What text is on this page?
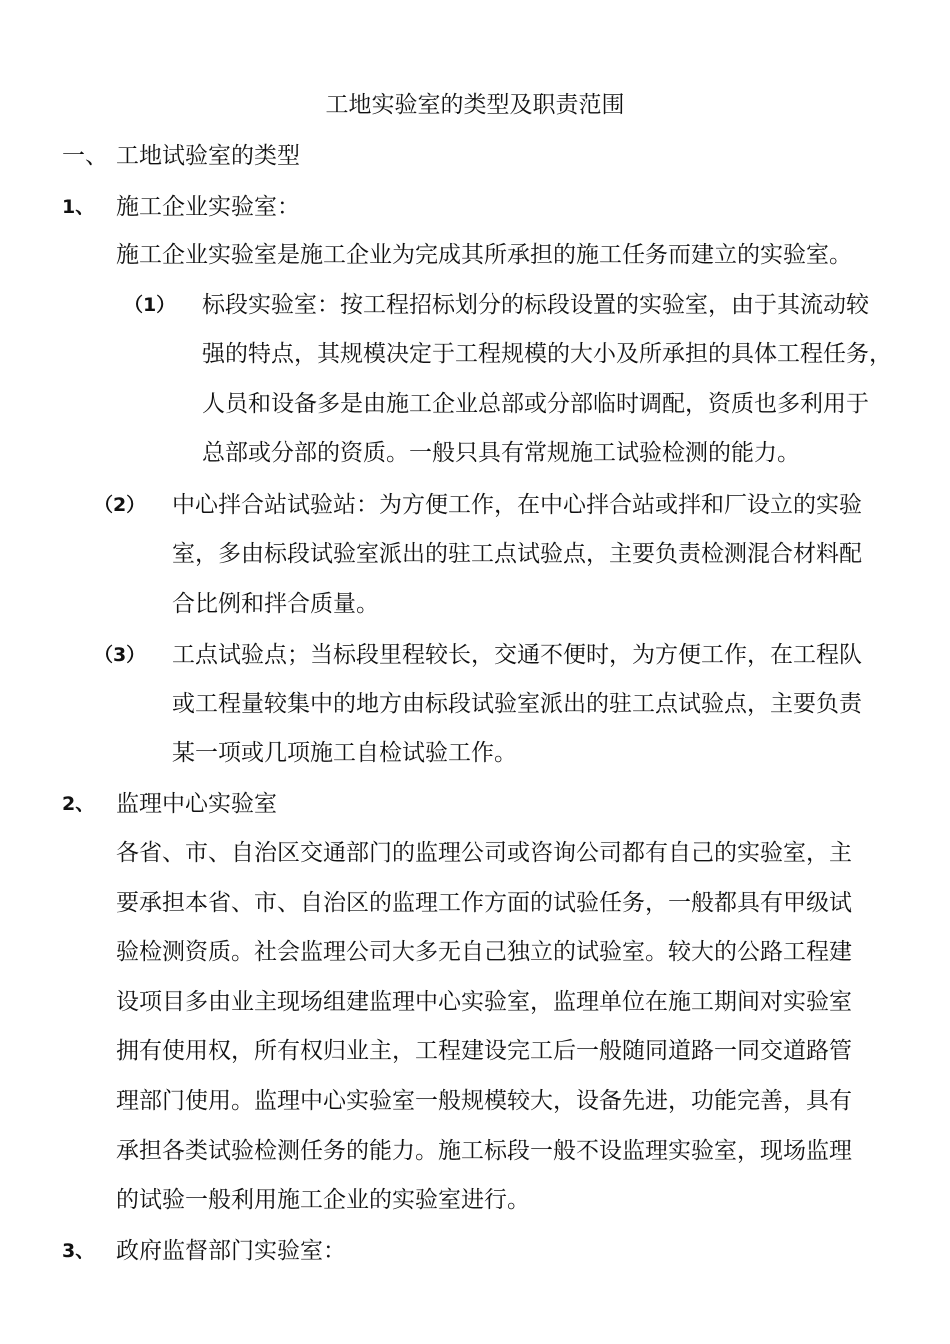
工地实验室的类型及职责范围
一、 工地试验室的类型
1、 施工企业实验室：
施工企业实验室是施工企业为完成其所承担的施工任务而建立的实验室。
（1） 标段实验室：按工程招标划分的标段设置的实验室，由于其流动较
强的特点，其规模决定于工程规模的大小及所承担的具体工程任务，
人员和设备多是由施工企业总部或分部临时调配，资质也多利用于
总部或分部的资质。一般只具有常规施工试验检测的能力。
（2） 中心拌合站试验站：为方便工作，在中心拌合站或拌和厂设立的实验
室，多由标段试验室派出的驻工点试验点，主要负责检测混合材料配
合比例和拌合质量。
（3） 工点试验点；当标段里程较长，交通不便时，为方便工作，在工程队
或工程量较集中的地方由标段试验室派出的驻工点试验点，主要负责
某一项或几项施工自检试验工作。
2、 监理中心实验室
各省、市、自治区交通部门的监理公司或咨询公司都有自己的实验室，主
要承担本省、市、自治区的监理工作方面的试验任务，一般都具有甲级试
验检测资质。社会监理公司大多无自己独立的试验室。较大的公路工程建
设项目多由业主现场组建监理中心实验室，监理单位在施工期间对实验室
拥有使用权，所有权归业主，工程建设完工后一般随同道路一同交道路管
理部门使用。监理中心实验室一般规模较大，设备先进，功能完善，具有
承担各类试验检测任务的能力。施工标段一般不设监理实验室，现场监理
的试验一般利用施工企业的实验室进行。
3、 政府监督部门实验室：
